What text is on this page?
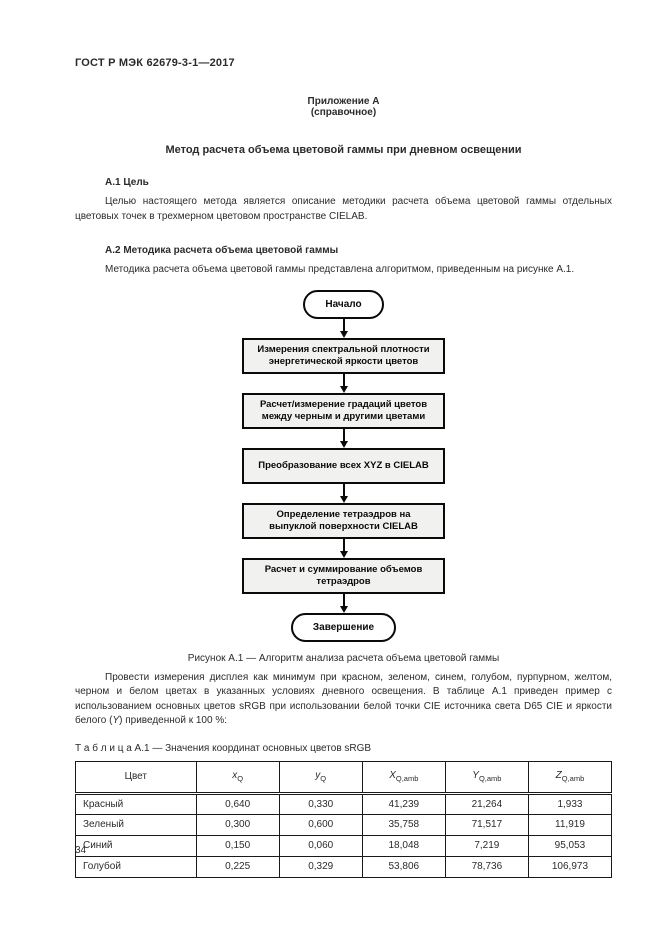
ГОСТ Р МЭК 62679-3-1—2017
Приложение А
(справочное)
Метод расчета объема цветовой гаммы при дневном освещении
А.1 Цель

Целью настоящего метода является описание методики расчета объема цветовой гаммы отдельных цветовых точек в трехмерном цветовом пространстве CIELAB.

А.2 Методика расчета объема цветовой гаммы

Методика расчета объема цветовой гаммы представлена алгоритмом, приведенным на рисунке А.1.

Начало
Измерения спектральной плотности энергетической яркости цветов
Расчет/измерение градаций цветов между черным и другими цветами
Преобразование всех XYZ в CIELAB
Определение тетраэдров на выпуклой поверхности CIELAB
Расчет и суммирование объемов тетраэдров
Завершение
Рисунок А.1 — Алгоритм анализа расчета объема цветовой гаммы

Провести измерения дисплея как минимум при красном, зеленом, синем, голубом, пурпурном, желтом, черном и белом цветах в указанных условиях дневного освещения. В таблице А.1 приведен пример с использованием основных цветов sRGB при использовании белой точки CIE источника света D65 CIE и яркости белого (Y) приведенной к 100 %:

Т а б л и ц а А.1 — Значения координат основных цветов sRGB
Цвет	$x_Q$	$y_Q$	$X_{Q,amb}$	$Y_{Q,amb}$	$Z_{Q,amb}$
Красный	0,640	0,330	41,239	21,264	1,933
Зеленый	0,300	0,600	35,758	71,517	11,919
Синий	0,150	0,060	18,048	7,219	95,053
Голубой	0,225	0,329	53,806	78,736	106,973
34
